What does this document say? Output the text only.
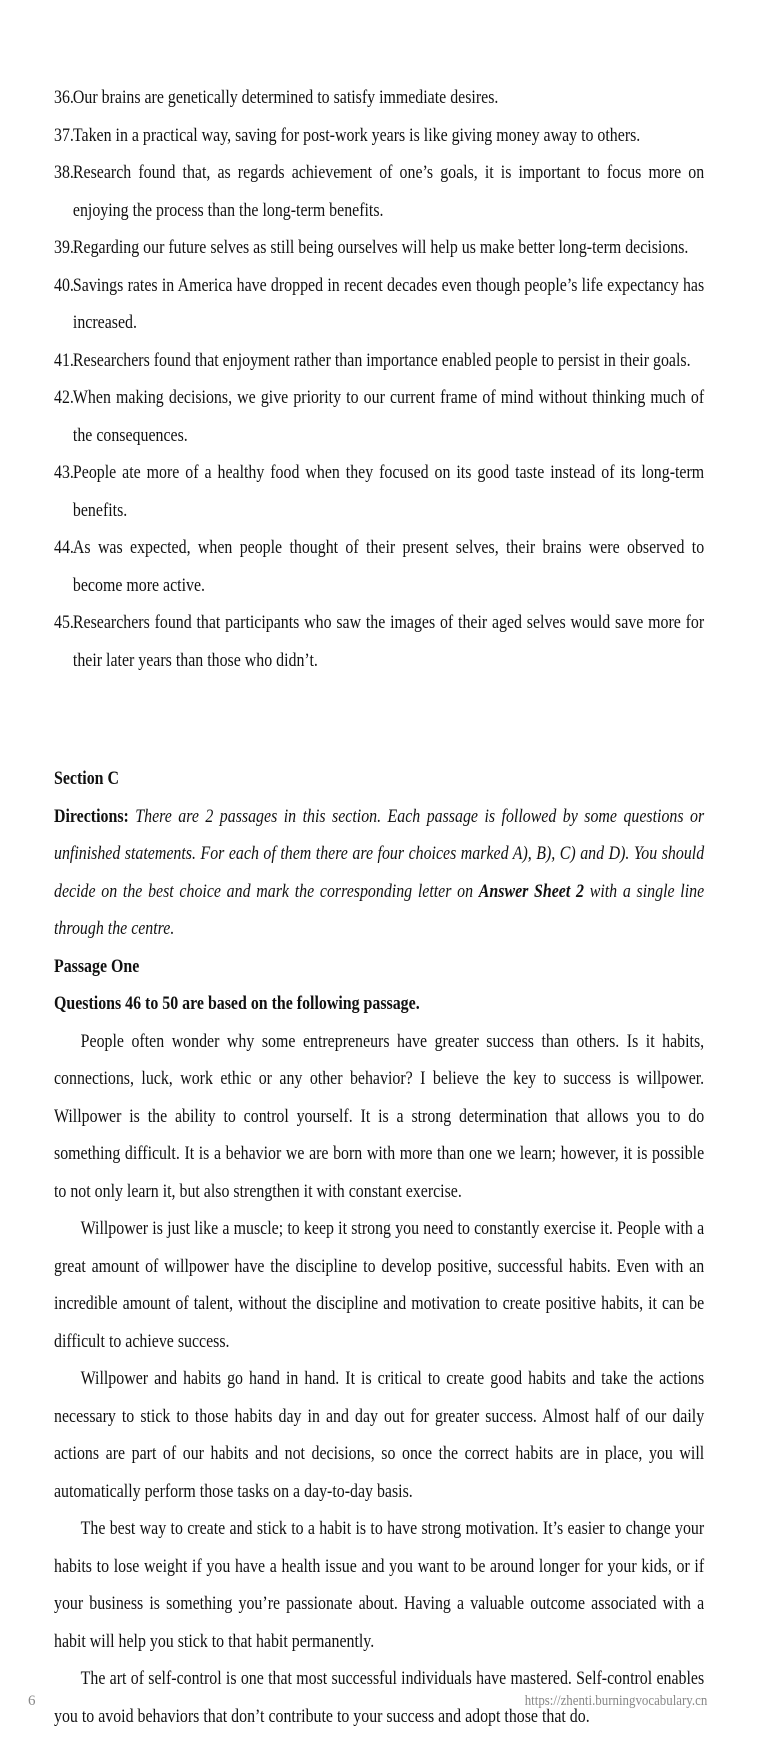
36. Our brains are genetically determined to satisfy immediate desires.
37. Taken in a practical way, saving for post-work years is like giving money away to others.
38. Research found that, as regards achievement of one’s goals, it is important to focus more on enjoying the process than the long-term benefits.
39. Regarding our future selves as still being ourselves will help us make better long-term decisions.
40. Savings rates in America have dropped in recent decades even though people’s life expectancy has increased.
41. Researchers found that enjoyment rather than importance enabled people to persist in their goals.
42. When making decisions, we give priority to our current frame of mind without thinking much of the consequences.
43. People ate more of a healthy food when they focused on its good taste instead of its long-term benefits.
44. As was expected, when people thought of their present selves, their brains were observed to become more active.
45. Researchers found that participants who saw the images of their aged selves would save more for their later years than those who didn’t.
Section C
Directions: There are 2 passages in this section. Each passage is followed by some questions or unfinished statements. For each of them there are four choices marked A), B), C) and D). You should decide on the best choice and mark the corresponding letter on Answer Sheet 2 with a single line through the centre.
Passage One
Questions 46 to 50 are based on the following passage.
People often wonder why some entrepreneurs have greater success than others. Is it habits, connections, luck, work ethic or any other behavior? I believe the key to success is willpower. Willpower is the ability to control yourself. It is a strong determination that allows you to do something difficult. It is a behavior we are born with more than one we learn; however, it is possible to not only learn it, but also strengthen it with constant exercise.
Willpower is just like a muscle; to keep it strong you need to constantly exercise it. People with a great amount of willpower have the discipline to develop positive, successful habits. Even with an incredible amount of talent, without the discipline and motivation to create positive habits, it can be difficult to achieve success.
Willpower and habits go hand in hand. It is critical to create good habits and take the actions necessary to stick to those habits day in and day out for greater success. Almost half of our daily actions are part of our habits and not decisions, so once the correct habits are in place, you will automatically perform those tasks on a day-to-day basis.
The best way to create and stick to a habit is to have strong motivation. It’s easier to change your habits to lose weight if you have a health issue and you want to be around longer for your kids, or if your business is something you’re passionate about. Having a valuable outcome associated with a habit will help you stick to that habit permanently.
The art of self-control is one that most successful individuals have mastered. Self-control enables you to avoid behaviors that don’t contribute to your success and adopt those that do.
6	https://zhenti.burningvocabulary.cn
